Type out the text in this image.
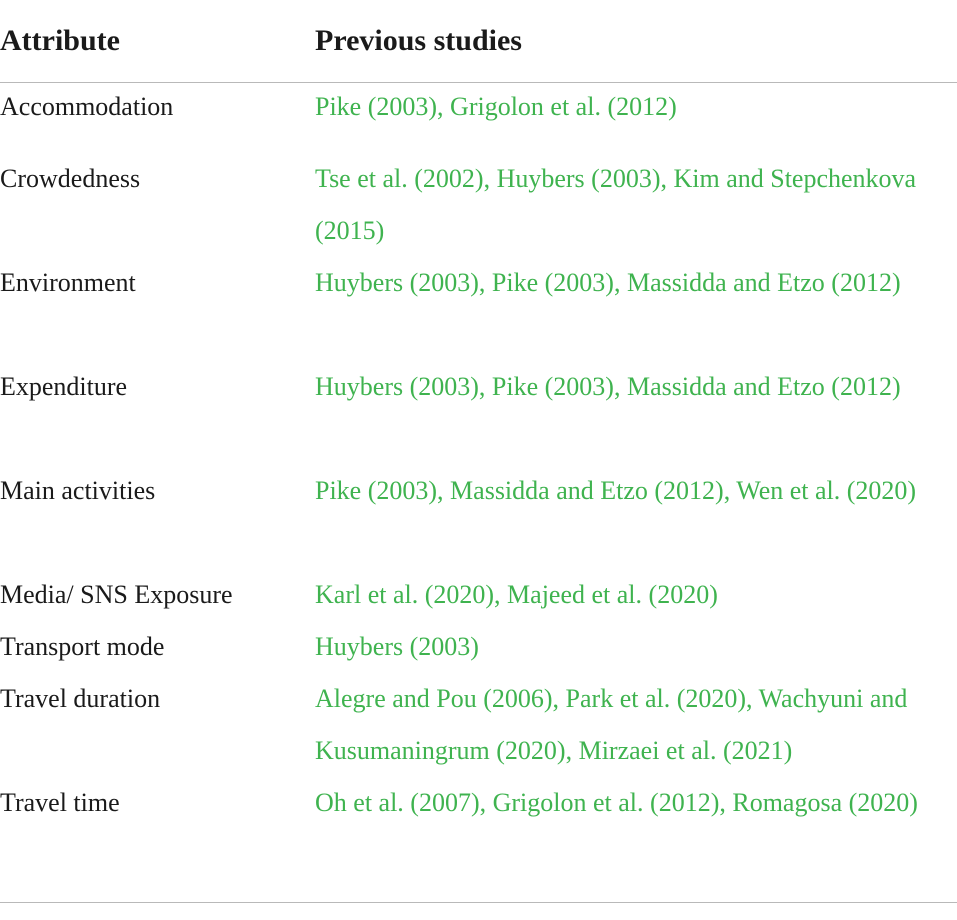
Attribute	Previous studies
Accommodation	Pike (2003), Grigolon et al. (2012)
Crowdedness	Tse et al. (2002), Huybers (2003), Kim and Stepchenkova (2015)
Environment	Huybers (2003), Pike (2003), Massidda and Etzo (2012)
Expenditure	Huybers (2003), Pike (2003), Massidda and Etzo (2012)
Main activities	Pike (2003), Massidda and Etzo (2012), Wen et al. (2020)
Media/ SNS Exposure	Karl et al. (2020), Majeed et al. (2020)
Transport mode	Huybers (2003)
Travel duration	Alegre and Pou (2006), Park et al. (2020), Wachyuni and Kusumaningrum (2020), Mirzaei et al. (2021)
Travel time	Oh et al. (2007), Grigolon et al. (2012), Romagosa (2020)
